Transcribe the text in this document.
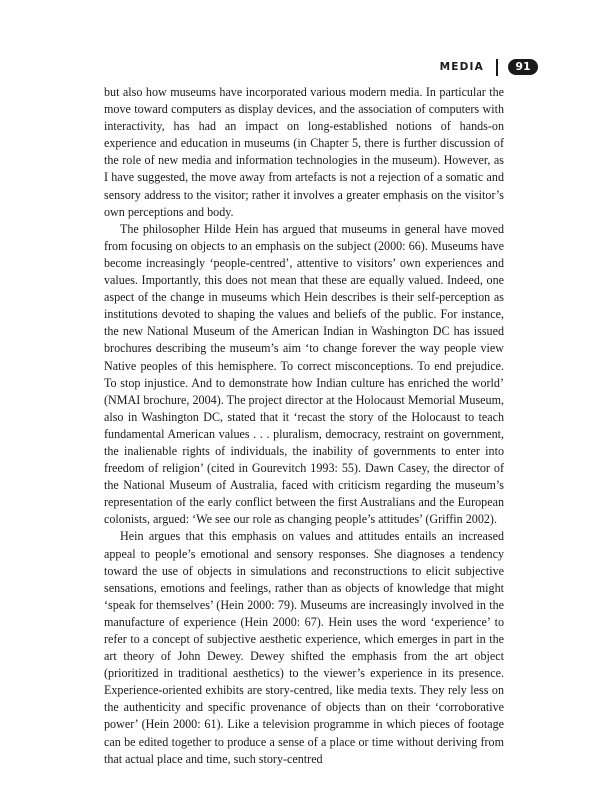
MEDIA	91

but also how museums have incorporated various modern media. In particular the move toward computers as display devices, and the association of computers with interactivity, has had an impact on long-established notions of hands-on experience and education in museums (in Chapter 5, there is further discussion of the role of new media and information technologies in the museum). However, as I have suggested, the move away from artefacts is not a rejection of a somatic and sensory address to the visitor; rather it involves a greater emphasis on the visitor’s own perceptions and body.

The philosopher Hilde Hein has argued that museums in general have moved from focusing on objects to an emphasis on the subject (2000: 66). Museums have become increasingly ‘people-centred’, attentive to visitors’ own experiences and values. Importantly, this does not mean that these are equally valued. Indeed, one aspect of the change in museums which Hein describes is their self-perception as institutions devoted to shaping the values and beliefs of the public. For instance, the new National Museum of the American Indian in Washington DC has issued brochures describing the museum’s aim ‘to change forever the way people view Native peoples of this hemisphere. To correct misconceptions. To end prejudice. To stop injustice. And to demonstrate how Indian culture has enriched the world’ (NMAI brochure, 2004). The project director at the Holocaust Memorial Museum, also in Washington DC, stated that it ‘recast the story of the Holocaust to teach fundamental American values . . . pluralism, democracy, restraint on government, the inalienable rights of individuals, the inability of governments to enter into freedom of religion’ (cited in Gourevitch 1993: 55). Dawn Casey, the director of the National Museum of Australia, faced with criticism regarding the museum’s representation of the early conflict between the first Australians and the European colonists, argued: ‘We see our role as changing people’s attitudes’ (Griffin 2002).

Hein argues that this emphasis on values and attitudes entails an increased appeal to people’s emotional and sensory responses. She diagnoses a tendency toward the use of objects in simulations and reconstructions to elicit subjective sensations, emotions and feelings, rather than as objects of knowledge that might ‘speak for themselves’ (Hein 2000: 79). Museums are increasingly involved in the manufacture of experience (Hein 2000: 67). Hein uses the word ‘experience’ to refer to a concept of subjective aesthetic experience, which emerges in part in the art theory of John Dewey. Dewey shifted the emphasis from the art object (prioritized in traditional aesthetics) to the viewer’s experience in its presence. Experience-oriented exhibits are story-centred, like media texts. They rely less on the authenticity and specific provenance of objects than on their ‘corroborative power’ (Hein 2000: 61). Like a television programme in which pieces of footage can be edited together to produce a sense of a place or time without deriving from that actual place and time, such story-centred
